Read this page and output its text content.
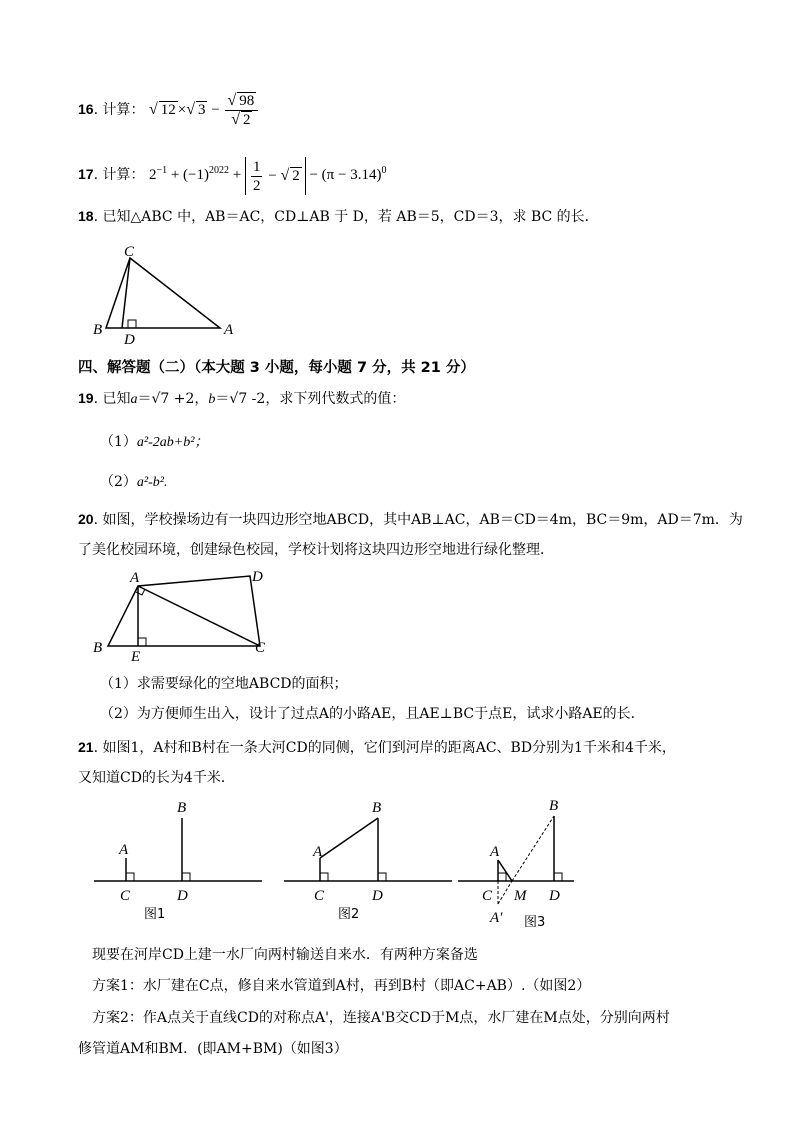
16. 计算： √ 12 ×√ $3 - \frac{√ 98}{√ 2}$
17. 计算： $2^{-1} + (-1)^{2022} + \frac{1}{2}$ − √ $2 - (\pi - 3.14)^0$
18. 已知△ABC 中，AB＝AC，CD⊥AB 于 D，若 AB＝5，CD＝3，求 BC 的长．
C
B
D
A
四、解答题（二）（本大题 3 小题，每小题 7 分，共 21 分）
19. 已知a＝√7 +2，b＝√7 -2，求下列代数式的值：
（1）a²-2ab+b²；
（2）a²-b².
20. 如图，学校操场边有一块四边形空地ABCD，其中AB⊥AC，AB＝CD＝4m，BC＝9m，AD＝7m．为
了美化校园环境，创建绿色校园，学校计划将这块四边形空地进行绿化整理．
A	D
B	C
E
（1）求需要绿化的空地ABCD的面积；
（2）为方便师生出入，设计了过点A的小路AE，且AE⊥BC于点E，试求小路AE的长．
21. 如图1，A村和B村在一条大河CD的同侧，它们到河岸的距离AC、BD分别为1千米和4千米，
又知道CD的长为4千米．
A
B
C	D
图1
A
B
C	D
图2
A
B
C M D
A′ 图3
现要在河岸CD上建一水厂向两村输送自来水．有两种方案备选
方案1：水厂建在C点，修自来水管道到A村，再到B村（即AC+AB）.（如图2）
方案2：作A点关于直线CD的对称点A'，连接A'B交CD于M点，水厂建在M点处，分别向两村
修管道AM和BM．(即AM+BM)（如图3）
